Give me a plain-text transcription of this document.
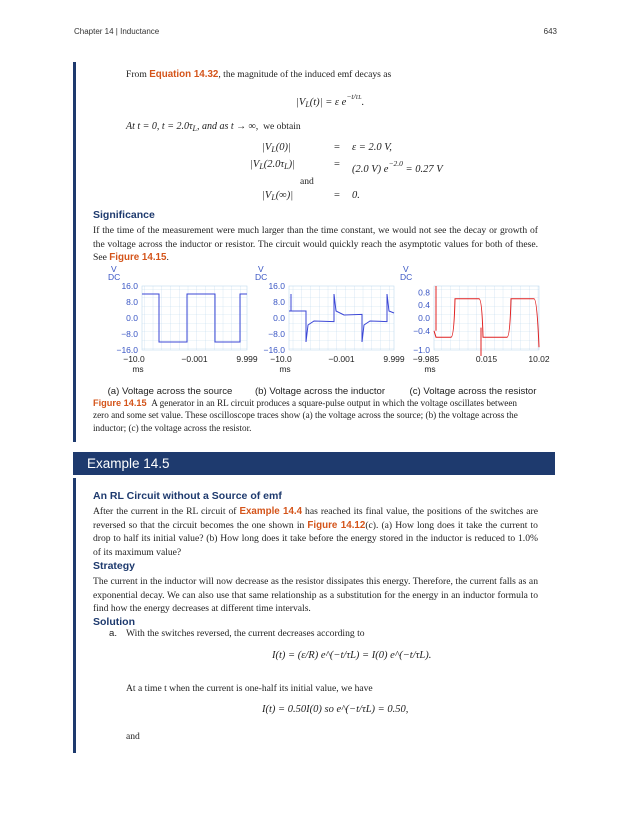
Chapter 14 | Inductance	643
From Equation 14.32, the magnitude of the induced emf decays as
$|V_L(t)| = \varepsilon$ $e^{-t/\tau L}$.
At t = 0, $t = 2.0\tau_L$, and as t → ∞, we obtain
$|V_L(0)|$	= ε = 2.0 V,
$|V_L(2.0\tau_L)|$	= (2.0 V) $e^{-2.0} = 0.27$ V
and
$|V_L(\infty)|$	= 0.
Significance
If the time of the measurement were much larger than the time constant, we would not see the decay or growth of the voltage across the inductor or resistor. The circuit would quickly reach the asymptotic values for both of these. See Figure 14.15.
V
DC
16.0
8.0
0.0
−8.0
−16.0
−10.0	−0.001	9.999
ms
V
DC
16.0
8.0
0.0
−8.0
−16.0
−10.0	−0.001	9.999
ms
V
DC
0.8
0.4
0.0
−0.4
−1.0
−9.985	0.015	10.02
ms
(a) Voltage across the source	(b) Voltage across the inductor	(c) Voltage across the resistor
Figure 14.15 A generator in an RL circuit produces a square-pulse output in which the voltage oscillates between zero and some set value. These oscilloscope traces show (a) the voltage across the source; (b) the voltage across the inductor; (c) the voltage across the resistor.
Example 14.5
An RL Circuit without a Source of emf
After the current in the RL circuit of Example 14.4 has reached its final value, the positions of the switches are reversed so that the circuit becomes the one shown in Figure 14.12(c). (a) How long does it take the current to drop to half its initial value? (b) How long does it take before the energy stored in the inductor is reduced to 1.0% of its maximum value?
Strategy
The current in the inductor will now decrease as the resistor dissipates this energy. Therefore, the current falls as an exponential decay. We can also use that same relationship as a substitution for the energy in an inductor formula to find how the energy decreases at different time intervals.
Solution
a. With the switches reversed, the current decreases according to
I(t) = (ε/R) e^(−t/τL) = I(0) e^(−t/τL).
At a time t when the current is one-half its initial value, we have
I(t) = 0.50I(0) so e^(−t/τL) = 0.50,
and
